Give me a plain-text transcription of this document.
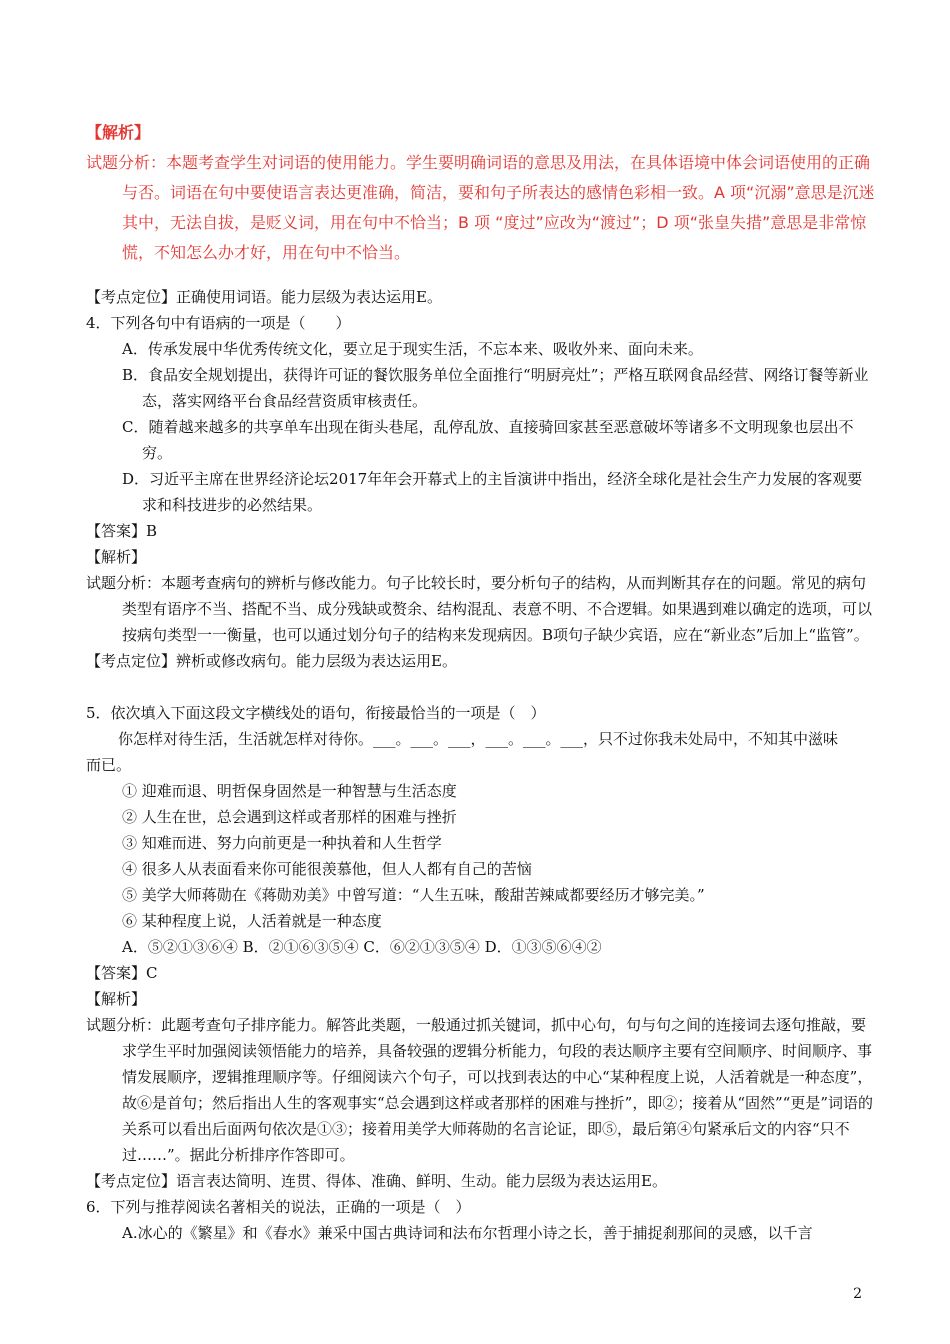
【解析】
试题分析：本题考查学生对词语的使用能力。学生要明确词语的意思及用法，在具体语境中体会词语使用的正确与否。词语在句中要使语言表达更准确，简洁，要和句子所表达的感情色彩相一致。A 项“沉溺”意思是沉迷其中，无法自拔，是贬义词，用在句中不恰当；B 项 “度过”应改为“渡过”；D 项“张皇失措”意思是非常惊慌，不知怎么办才好，用在句中不恰当。
【考点定位】正确使用词语。能力层级为表达运用E。
4．下列各句中有语病的一项是（　　）
A．传承发展中华优秀传统文化，要立足于现实生活，不忘本来、吸收外来、面向未来。
B．食品安全规划提出，获得许可证的餐饮服务单位全面推行“明厨亮灶”；严格互联网食品经营、网络订餐等新业态，落实网络平台食品经营资质审核责任。
C．随着越来越多的共享单车出现在街头巷尾，乱停乱放、直接骑回家甚至恶意破坏等诸多不文明现象也层出不穷。
D．习近平主席在世界经济论坛2017年年会开幕式上的主旨演讲中指出，经济全球化是社会生产力发展的客观要求和科技进步的必然结果。
【答案】B
【解析】
试题分析：本题考查病句的辨析与修改能力。句子比较长时，要分析句子的结构，从而判断其存在的问题。常见的病句类型有语序不当、搭配不当、成分残缺或赘余、结构混乱、表意不明、不合逻辑。如果遇到难以确定的选项，可以按病句类型一一衡量，也可以通过划分句子的结构来发现病因。B项句子缺少宾语，应在“新业态”后加上“监管”。
【考点定位】辨析或修改病句。能力层级为表达运用E。
5．依次填入下面这段文字横线处的语句，衔接最恰当的一项是（　）
你怎样对待生活，生活就怎样对待你。___。___。___，___。___。___，只不过你我未处局中，不知其中滋味
而已。
① 迎难而退、明哲保身固然是一种智慧与生活态度
② 人生在世，总会遇到这样或者那样的困难与挫折
③ 知难而进、努力向前更是一种执着和人生哲学
④ 很多人从表面看来你可能很羡慕他，但人人都有自己的苦恼
⑤ 美学大师蒋勋在《蒋勋劝美》中曾写道：“人生五味，酸甜苦辣咸都要经历才够完美。”
⑥ 某种程度上说，人活着就是一种态度
A．⑤②①③⑥④ B．②①⑥③⑤④ C．⑥②①③⑤④ D．①③⑤⑥④②
【答案】C
【解析】
试题分析：此题考查句子排序能力。解答此类题，一般通过抓关键词，抓中心句，句与句之间的连接词去逐句推敲，要求学生平时加强阅读领悟能力的培养，具备较强的逻辑分析能力，句段的表达顺序主要有空间顺序、时间顺序、事情发展顺序，逻辑推理顺序等。仔细阅读六个句子，可以找到表达的中心“某种程度上说，人活着就是一种态度”，故⑥是首句；然后指出人生的客观事实“总会遇到这样或者那样的困难与挫折”，即②；接着从“固然”“更是”词语的关系可以看出后面两句依次是①③；接着用美学大师蒋勋的名言论证，即⑤，最后第④句紧承后文的内容“只不过……”。据此分析排序作答即可。
【考点定位】语言表达简明、连贯、得体、准确、鲜明、生动。能力层级为表达运用E。
6．下列与推荐阅读名著相关的说法，正确的一项是（　）
A.冰心的《繁星》和《春水》兼采中国古典诗词和法布尔哲理小诗之长，善于捕捉刹那间的灵感，以千言
2
